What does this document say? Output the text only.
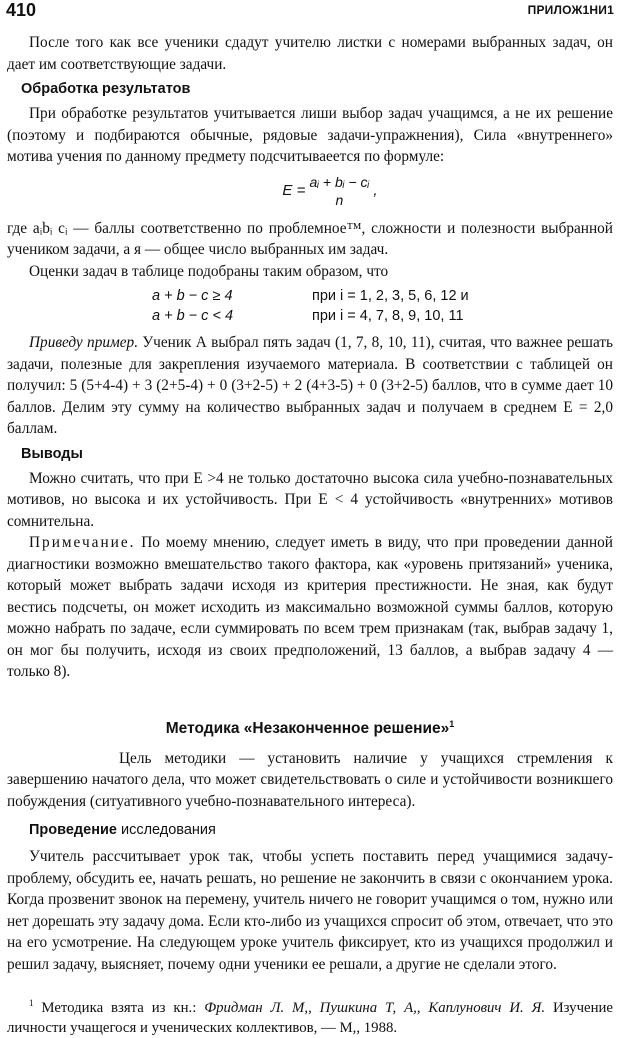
410	ПРИЛОЖ1НИ1

После того как все ученики сдадут учителю листки с номерами выбранных задач, он дает им соответствующие задачи.

Обработка результатов

При обработке результатов учитывается лиши выбор задач учащимся, а не их решение (поэтому и подбираются обычные, рядовые задачи-упражнения), Сила «внутреннего» мотива учения по данному предмету подсчитываеется по формуле:

E = aᵢ + bᵢ − cᵢ
n
,

где aᵢbᵢ cᵢ — баллы соответственно по проблемное™, сложности и полезности выбранной учеником задачи, а я — общее число выбранных им задач.

Оценки задач в таблице подобраны таким образом, что

a + b − c ≥ 4	при i = 1, 2, 3, 5, 6, 12 и
a + b − c < 4	при i = 4, 7, 8, 9, 10, 11

Приведу пример. Ученик А выбрал пять задач (1, 7, 8, 10, 11), считая, что важнее решать задачи, полезные для закрепления изучаемого материала. В соответствии с таблицей он получил: 5 (5+4-4) + 3 (2+5-4) + 0 (3+2-5) + 2 (4+3-5) + 0 (3+2-5) баллов, что в сумме дает 10 баллов. Делим эту сумму на количество выбранных задач и получаем в среднем E = 2,0 баллам.

Выводы

Можно считать, что при E >4 не только достаточно высока сила учебно-познавательных мотивов, но высока и их устойчивость. При E < 4 устойчивость «внутренних» мотивов сомнительна.

Примечание. По моему мнению, следует иметь в виду, что при проведении данной диагностики возможно вмешательство такого фактора, как «уровень притязаний» ученика, который может выбрать задачи исходя из критерия престижности. Не зная, как будут вестись подсчеты, он может исходить из максимально возможной суммы баллов, которую можно набрать по задаче, если суммировать по всем трем признакам (так, выбрав задачу 1, он мог бы получить, исходя из своих предположений, 13 баллов, а выбрав задачу 4 — только 8).

Методика «Незаконченное решение»$^1$

Цель методики — установить наличие у учащихся стремления к завершению начатого дела, что может свидетельствовать о силе и устойчивости возникшего побуждения (ситуативного учебно-познавательного интереса).

Проведение исследования

Учитель рассчитывает урок так, чтобы успеть поставить перед учащимися задачу-проблему, обсудить ее, начать решать, но решение не закончить в связи с окончанием урока. Когда прозвенит звонок на перемену, учитель ничего не говорит учащимся о том, нужно или нет дорешать эту задачу дома. Если кто-либо из учащихся спросит об этом, отвечает, что это на его усмотрение. На следующем уроке учитель фиксирует, кто из учащихся продолжил и решил задачу, выясняет, почему одни ученики ее решали, а другие не сделали этого.

$^1$ Методика взята из кн.: Фридман Л. М,, Пушкина Т, А,, Каплунович И. Я. Изучение личности учащегося и ученических коллективов, — М,, 1988.
